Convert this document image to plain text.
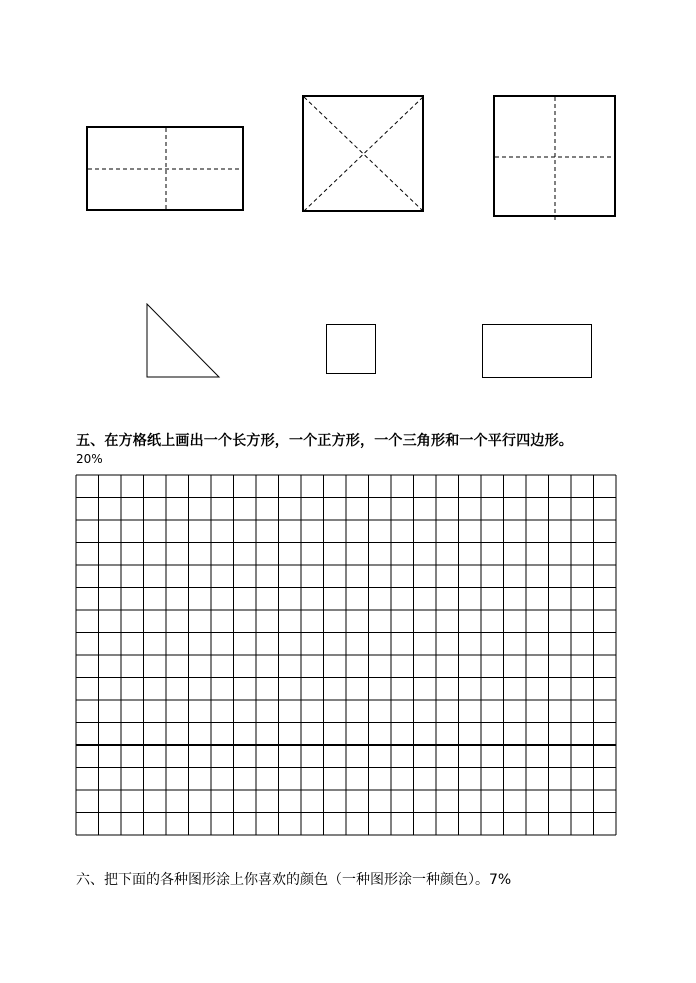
五、在方格纸上画出一个长方形，一个正方形，一个三角形和一个平行四边形。
20%
六、把下面的各种图形涂上你喜欢的颜色（一种图形涂一种颜色）。7%
